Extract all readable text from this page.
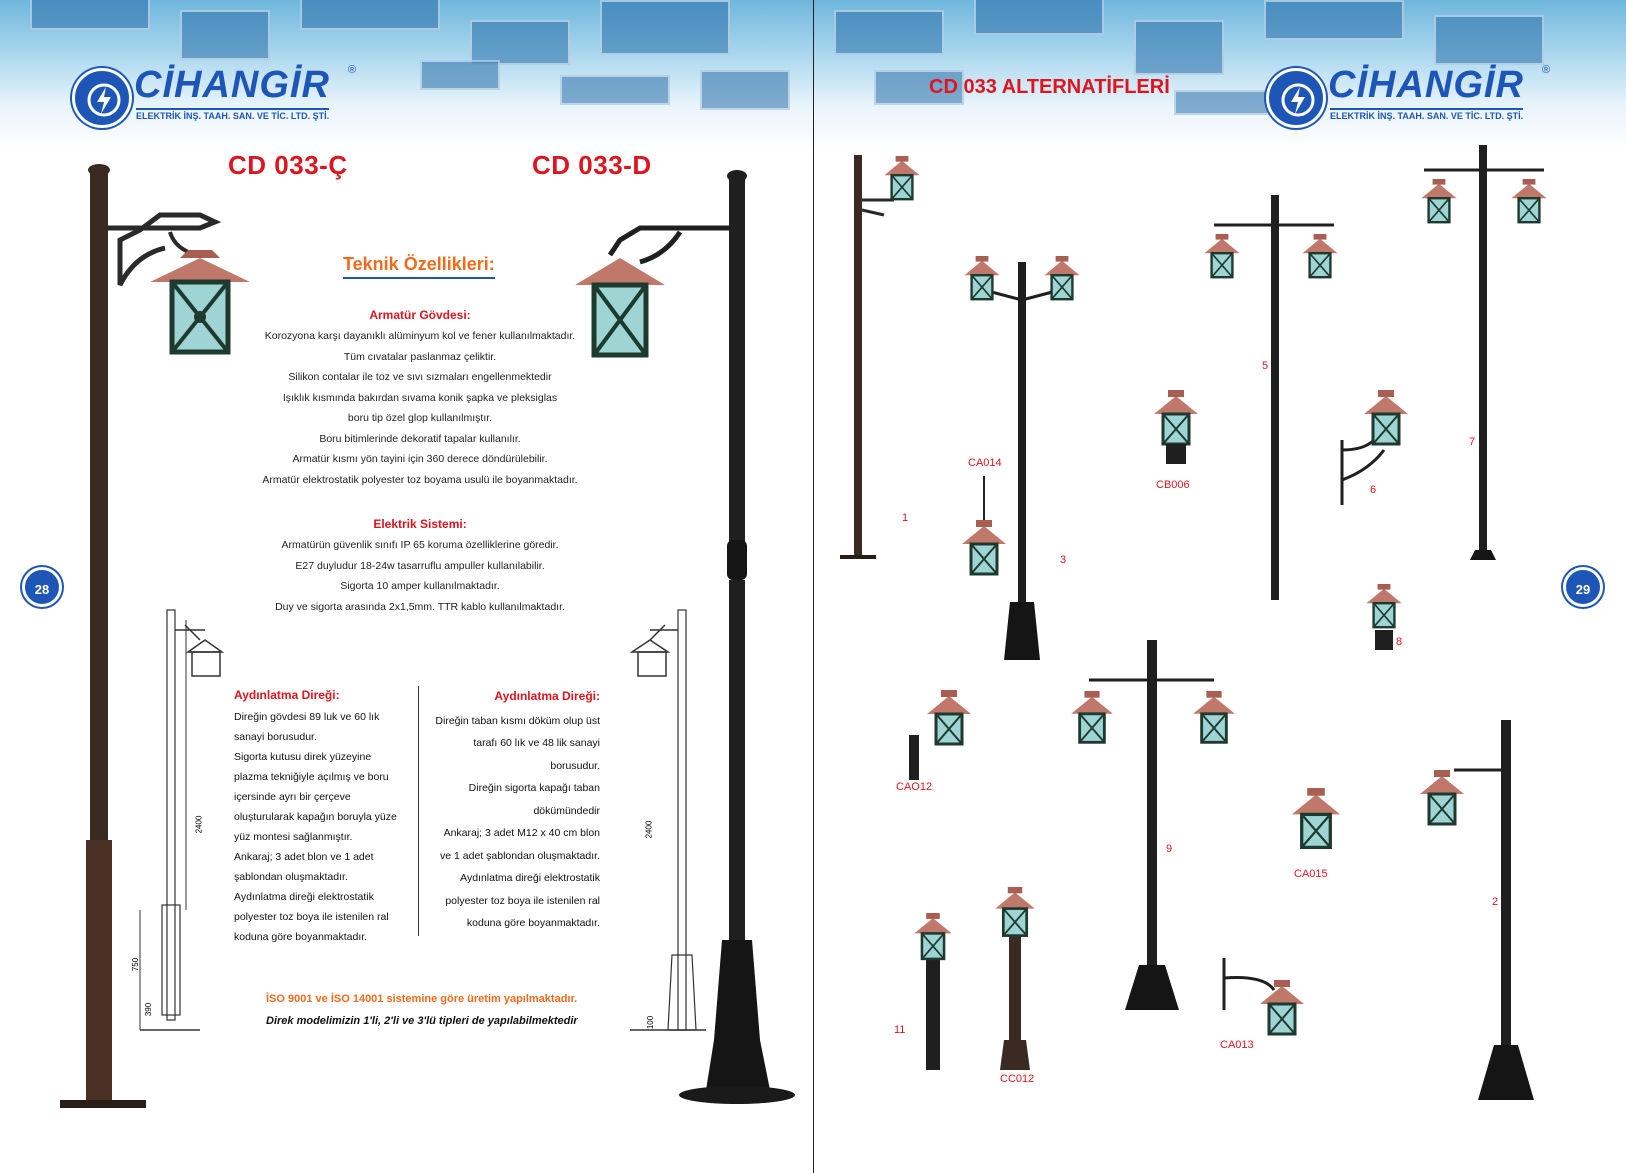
CİHANGİR ®
ELEKTRİK İNŞ. TAAH. SAN. VE TİC. LTD. ŞTİ.
CD 033-Ç	CD 033-D
Teknik Özellikleri:
Armatür Gövdesi:
Korozyona karşı dayanıklı alüminyum kol ve fener kullanılmaktadır.
Tüm cıvatalar paslanmaz çeliktir.
Silikon contalar ile toz ve sıvı sızmaları engellenmektedir
Işıklık kısmında bakırdan sıvama konik şapka ve pleksiglas
boru tip özel glop kullanılmıştır.
Boru bitimlerinde dekoratif tapalar kullanılır.
Armatür kısmı yön tayini için 360 derece döndürülebilir.
Armatür elektrostatik polyester toz boyama usulü ile boyanmaktadır.
Elektrik Sistemi:
Armatürün güvenlik sınıfı IP 65 koruma özelliklerine göredir.
E27 duyludur 18-24w tasarruflu ampuller kullanılabilir.
Sigorta 10 amper kullanılmaktadır.
Duy ve sigorta arasında 2x1,5mm. TTR kablo kullanılmaktadır.
Aydınlatma Direği:
Direğin gövdesi 89 luk ve 60 lık
sanayi borusudur.
Sigorta kutusu direk yüzeyine
plazma tekniğiyle açılmış ve boru
içersinde ayrı bir çerçeve
oluşturularak kapağın boruyla yüze
yüz montesi sağlanmıştır.
Ankaraj; 3 adet blon ve 1 adet
şablondan oluşmaktadır.
Aydınlatma direği elektrostatik
polyester toz boya ile istenilen ral
koduna göre boyanmaktadır.
Aydınlatma Direği:
Direğin taban kısmı döküm olup üst
tarafı 60 lık ve 48 lik sanayi
borusudur.
Direğin sigorta kapağı taban
dökümündedir
Ankaraj; 3 adet M12 x 40 cm blon
ve 1 adet şablondan oluşmaktadır.
Aydınlatma direği elektrostatik
polyester toz boya ile istenilen ral
koduna göre boyanmaktadır.
2400
750
390
2400
100
İSO 9001 ve İSO 14001 sistemine göre üretim yapılmaktadır.
Direk modelimizin 1'li, 2'li ve 3'lü tipleri de yapılabilmektedir
28
CD 033 ALTERNATİFLERİ	CİHANGİR ®
ELEKTRİK İNŞ. TAAH. SAN. VE TİC. LTD. ŞTİ.
1
CA014
3
CB006
5
6
7
8
CAO12
9
CA015
2
11
CA013
CC012
29
